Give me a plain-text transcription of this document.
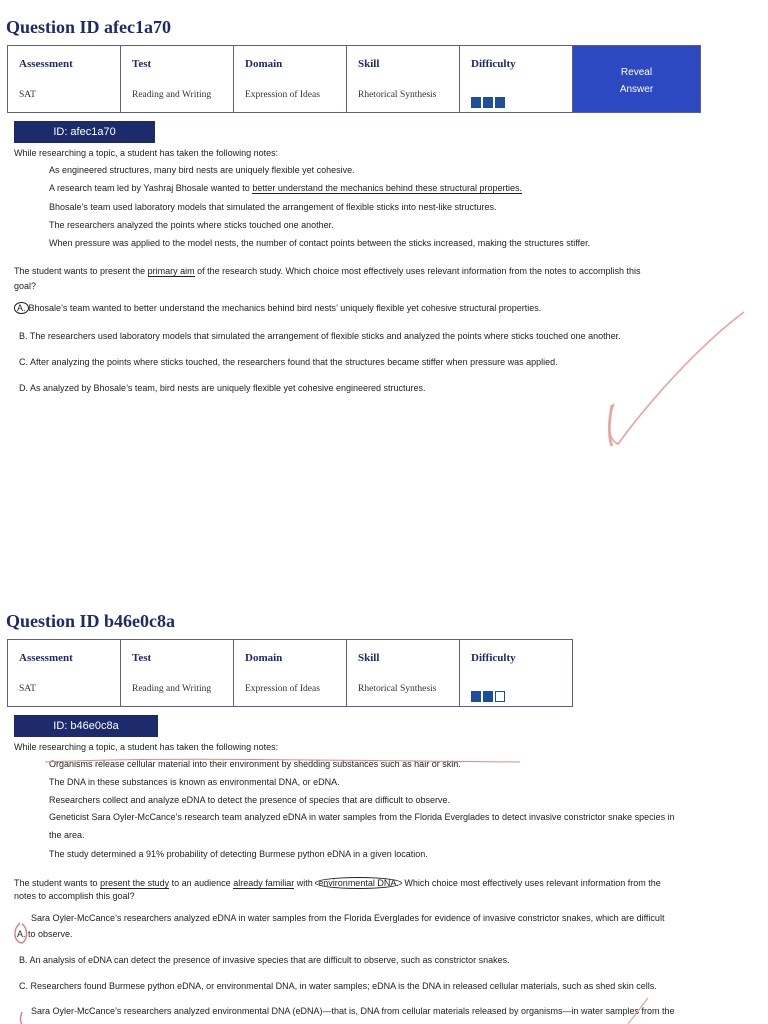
Question ID afec1a70
Assessment
SAT

Test
Reading and Writing

Domain
Expression of Ideas

Skill
Rhetorical Synthesis

Difficulty

Reveal
Answer
ID: afec1a70
While researching a topic, a student has taken the following notes:
As engineered structures, many bird nests are uniquely flexible yet cohesive.
A research team led by Yashraj Bhosale wanted to better understand the mechanics behind these structural properties.
Bhosale’s team used laboratory models that simulated the arrangement of flexible sticks into nest-like structures.
The researchers analyzed the points where sticks touched one another.
When pressure was applied to the model nests, the number of contact points between the sticks increased, making the structures stiffer.
The student wants to present the primary aim of the research study. Which choice most effectively uses relevant information from the notes to accomplish this
goal?
A. Bhosale’s team wanted to better understand the mechanics behind bird nests’ uniquely flexible yet cohesive structural properties.
B. The researchers used laboratory models that simulated the arrangement of flexible sticks and analyzed the points where sticks touched one another.
C. After analyzing the points where sticks touched, the researchers found that the structures became stiffer when pressure was applied.
D. As analyzed by Bhosale’s team, bird nests are uniquely flexible yet cohesive engineered structures.
Question ID b46e0c8a
Assessment
SAT

Test
Reading and Writing

Domain
Expression of Ideas

Skill
Rhetorical Synthesis

Difficulty
ID: b46e0c8a
While researching a topic, a student has taken the following notes:
Organisms release cellular material into their environment by shedding substances such as hair or skin.
The DNA in these substances is known as environmental DNA, or eDNA.
Researchers collect and analyze eDNA to detect the presence of species that are difficult to observe.
Geneticist Sara Oyler-McCance’s research team analyzed eDNA in water samples from the Florida Everglades to detect invasive constrictor snake species in
the area.
The study determined a 91% probability of detecting Burmese python eDNA in a given location.
The student wants to present the study to an audience already familiar with environmental DNA. Which choice most effectively uses relevant information from the
notes to accomplish this goal?
Sara Oyler-McCance’s researchers analyzed eDNA in water samples from the Florida Everglades for evidence of invasive constrictor snakes, which are difficult
A. to observe.
B. An analysis of eDNA can detect the presence of invasive species that are difficult to observe, such as constrictor snakes.
C. Researchers found Burmese python eDNA, or environmental DNA, in water samples; eDNA is the DNA in released cellular materials, such as shed skin cells.
Sara Oyler-McCance’s researchers analyzed environmental DNA (eDNA)—that is, DNA from cellular materials released by organisms—in water samples from the
